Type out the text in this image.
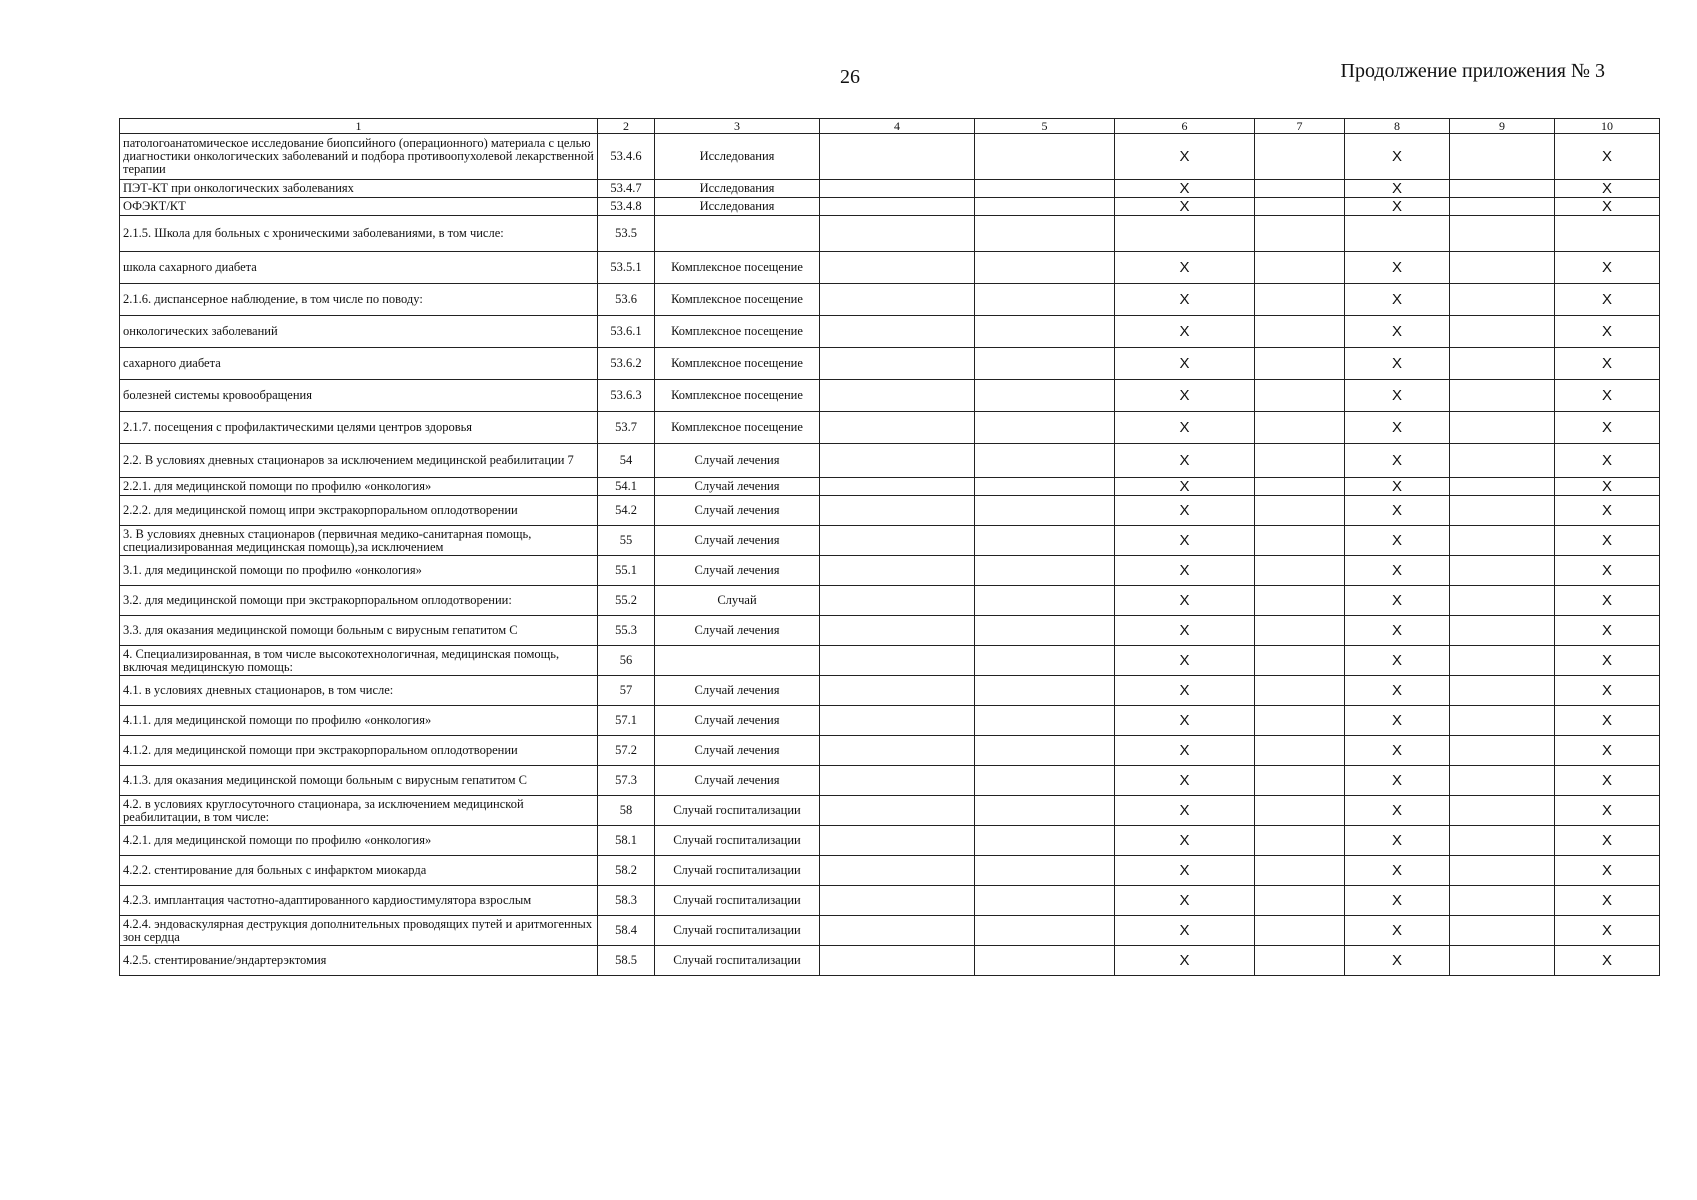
26	Продолжение приложения № 3
1	2	3	4	5	6	7	8	9	10
патологоанатомическое исследование биопсийного (операционного) материала с целью диагностики онкологических заболеваний и подбора противоопухолевой лекарственной терапии	53.4.6	Исследования			X		X		X
ПЭТ-КТ при онкологических заболеваниях	53.4.7	Исследования			X		X		X
ОФЭКТ/КТ	53.4.8	Исследования			X		X		X
2.1.5. Школа для больных с хроническими заболеваниями, в том числе:	53.5								
школа сахарного диабета	53.5.1	Комплексное посещение			X		X		X
2.1.6. диспансерное наблюдение, в том числе по поводу:	53.6	Комплексное посещение			X		X		X
онкологических заболеваний	53.6.1	Комплексное посещение			X		X		X
сахарного диабета	53.6.2	Комплексное посещение			X		X		X
болезней системы кровообращения	53.6.3	Комплексное посещение			X		X		X
2.1.7. посещения с профилактическими целями центров здоровья	53.7	Комплексное посещение			X		X		X
2.2. В условиях дневных стационаров за исключением медицинской реабилитации 7	54	Случай лечения			X		X		X
2.2.1. для медицинской помощи по профилю «онкология»	54.1	Случай лечения			X		X		X
2.2.2. для медицинской помощ ипри экстракорпоральном оплодотворении	54.2	Случай лечения			X		X		X
3. В условиях дневных стационаров (первичная медико-санитарная помощь, специализированная медицинская помощь),за исключением	55	Случай лечения			X		X		X
3.1. для медицинской помощи по профилю «онкология»	55.1	Случай лечения			X		X		X
3.2. для медицинской помощи при экстракорпоральном оплодотворении:	55.2	Случай			X		X		X
3.3. для оказания медицинской помощи больным с вирусным гепатитом С	55.3	Случай лечения			X		X		X
4. Специализированная, в том числе высокотехнологичная, медицинская помощь, включая медицинскую помощь:	56				X		X		X
4.1. в условиях дневных стационаров, в том числе:	57	Случай лечения			X		X		X
4.1.1. для медицинской помощи по профилю «онкология»	57.1	Случай лечения			X		X		X
4.1.2. для медицинской помощи при экстракорпоральном оплодотворении	57.2	Случай лечения			X		X		X
4.1.3. для оказания медицинской помощи больным с вирусным гепатитом С	57.3	Случай лечения			X		X		X
4.2. в условиях круглосуточного стационара, за исключением медицинской реабилитации, в том числе:	58	Случай госпитализации			X		X		X
4.2.1. для медицинской помощи по профилю «онкология»	58.1	Случай госпитализации			X		X		X
4.2.2. стентирование для больных с инфарктом миокарда	58.2	Случай госпитализации			X		X		X
4.2.3. имплантация частотно-адаптированного кардиостимулятора взрослым	58.3	Случай госпитализации			X		X		X
4.2.4. эндоваскулярная деструкция дополнительных проводящих путей и аритмогенных зон сердца	58.4	Случай госпитализации			X		X		X
4.2.5. стентирование/эндартерэктомия	58.5	Случай госпитализации			X		X		X
